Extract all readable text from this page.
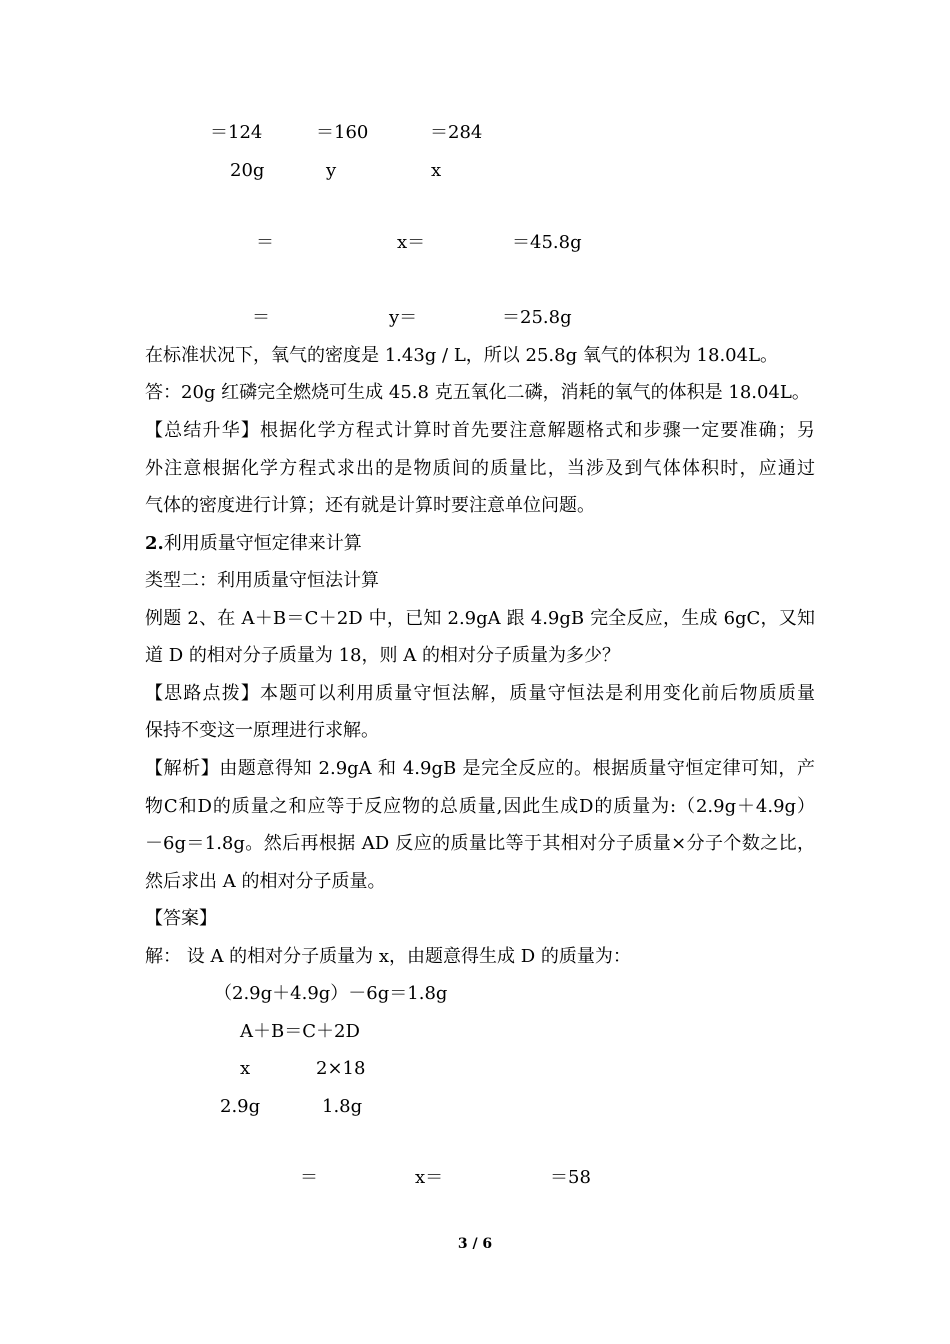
＝124	＝160	＝284
20g	y	x
＝	x＝	＝45.8g
＝	y＝	＝25.8g
在标准状况下，氧气的密度是 1.43g / L，所以 25.8g 氧气的体积为 18.04L。
答：20g 红磷完全燃烧可生成 45.8 克五氧化二磷，消耗的氧气的体积是 18.04L。
【总结升华】根据化学方程式计算时首先要注意解题格式和步骤一定要准确；另
外注意根据化学方程式求出的是物质间的质量比，当涉及到气体体积时，应通过
气体的密度进行计算；还有就是计算时要注意单位问题。
2.利用质量守恒定律来计算
类型二：利用质量守恒法计算
例题 2、在 A＋B＝C＋2D 中，已知 2.9gA 跟 4.9gB 完全反应，生成 6gC，又知
道 D 的相对分子质量为 18，则 A 的相对分子质量为多少？
【思路点拨】本题可以利用质量守恒法解，质量守恒法是利用变化前后物质质量
保持不变这一原理进行求解。
【解析】由题意得知 2.9gA 和 4.9gB 是完全反应的。根据质量守恒定律可知，产
物C和D的质量之和应等于反应物的总质量,因此生成D的质量为:（2.9g＋4.9g）
－6g＝1.8g。然后再根据 AD 反应的质量比等于其相对分子质量×分子个数之比，
然后求出 A 的相对分子质量。
【答案】
解： 设 A 的相对分子质量为 x，由题意得生成 D 的质量为：
（2.9g＋4.9g）－6g＝1.8g
A＋B＝C＋2D
x	2×18
2.9g	1.8g
＝	x＝	＝58
3 / 6
